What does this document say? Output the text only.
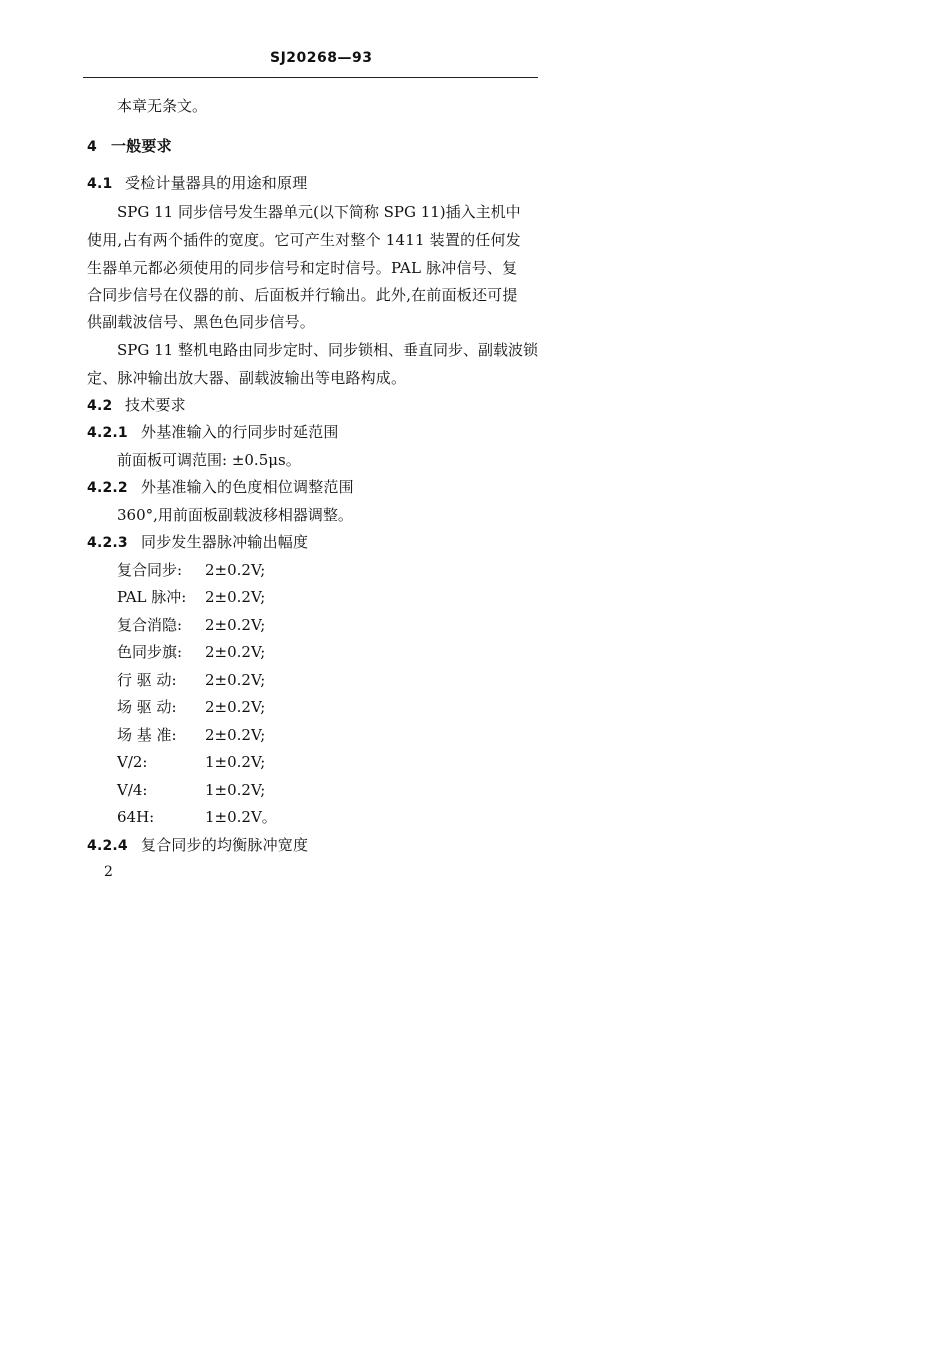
SJ20268—93
本章无条文。
4 一般要求
4.1 受检计量器具的用途和原理
SPG 11 同步信号发生器单元(以下简称 SPG 11)插入主机中
使用,占有两个插件的宽度。它可产生对整个 1411 装置的任何发
生器单元都必须使用的同步信号和定时信号。PAL 脉冲信号、复
合同步信号在仪器的前、后面板并行输出。此外,在前面板还可提
供副载波信号、黑色色同步信号。
SPG 11 整机电路由同步定时、同步锁相、垂直同步、副载波锁
定、脉冲输出放大器、副载波输出等电路构成。
4.2 技术要求
4.2.1 外基准输入的行同步时延范围
前面板可调范围: ±0.5μs。
4.2.2 外基准输入的色度相位调整范围
360°,用前面板副载波移相器调整。
4.2.3 同步发生器脉冲输出幅度
复合同步: 2±0.2V;
PAL 脉冲: 2±0.2V;
复合消隐: 2±0.2V;
色同步旗: 2±0.2V;
行 驱 动: 2±0.2V;
场 驱 动: 2±0.2V;
场 基 准: 2±0.2V;
V/2:	1±0.2V;
V/4:	1±0.2V;
64H:	1±0.2V。
4.2.4 复合同步的均衡脉冲宽度
2
